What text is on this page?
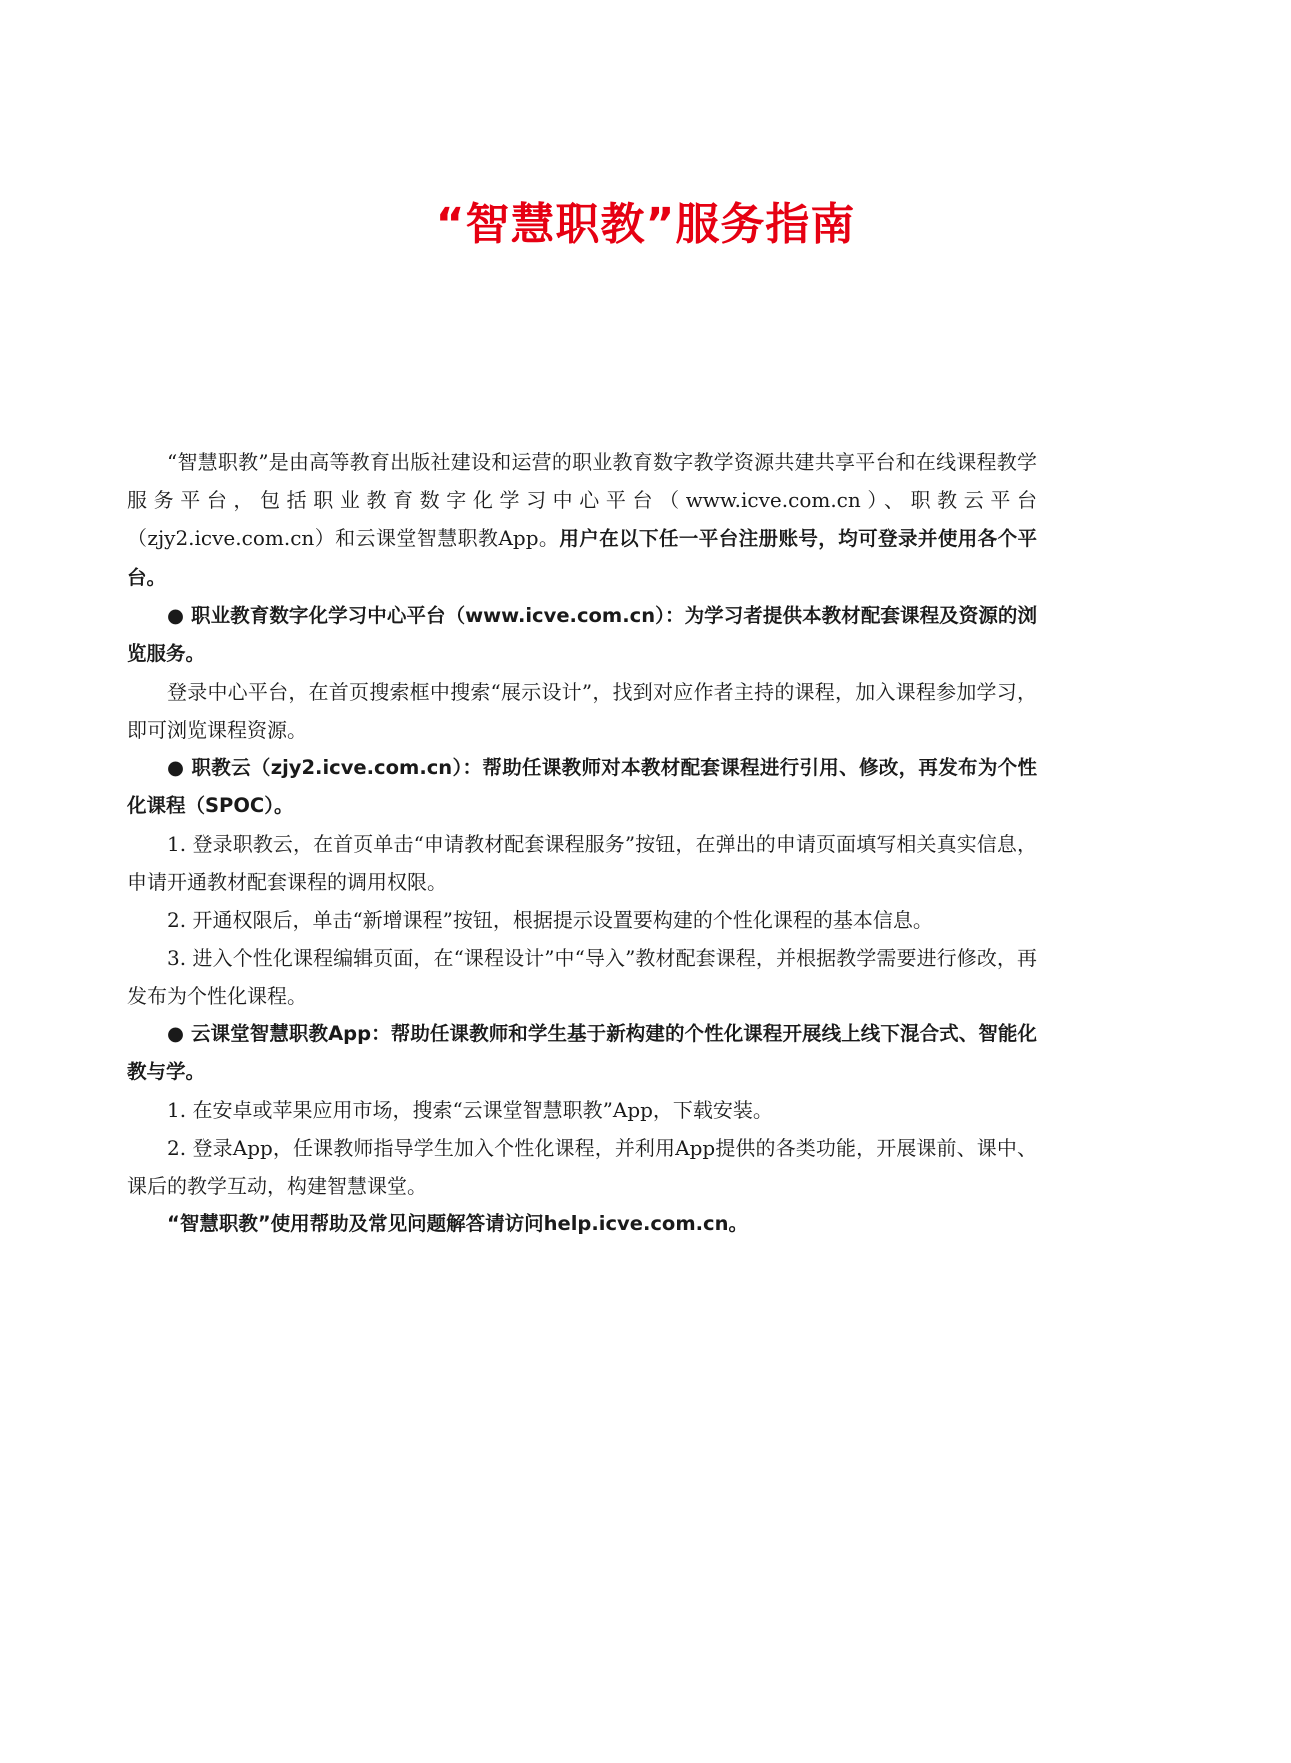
“智慧职教”服务指南

“智慧职教”是由高等教育出版社建设和运营的职业教育数字教学资源共建共享平台和在线课程教学服务平台，包括职业教育数字化学习中心平台（www.icve.com.cn）、职教云平台（zjy2.icve.com.cn）和云课堂智慧职教App。用户在以下任一平台注册账号，均可登录并使用各个平台。

● 职业教育数字化学习中心平台（www.icve.com.cn）：为学习者提供本教材配套课程及资源的浏览服务。

登录中心平台，在首页搜索框中搜索“展示设计”，找到对应作者主持的课程，加入课程参加学习，即可浏览课程资源。

● 职教云（zjy2.icve.com.cn）：帮助任课教师对本教材配套课程进行引用、修改，再发布为个性化课程（SPOC）。

1. 登录职教云，在首页单击“申请教材配套课程服务”按钮，在弹出的申请页面填写相关真实信息，申请开通教材配套课程的调用权限。

2. 开通权限后，单击“新增课程”按钮，根据提示设置要构建的个性化课程的基本信息。

3. 进入个性化课程编辑页面，在“课程设计”中“导入”教材配套课程，并根据教学需要进行修改，再发布为个性化课程。

● 云课堂智慧职教App：帮助任课教师和学生基于新构建的个性化课程开展线上线下混合式、智能化教与学。

1. 在安卓或苹果应用市场，搜索“云课堂智慧职教”App，下载安装。

2. 登录App，任课教师指导学生加入个性化课程，并利用App提供的各类功能，开展课前、课中、课后的教学互动，构建智慧课堂。

“智慧职教”使用帮助及常见问题解答请访问help.icve.com.cn。
